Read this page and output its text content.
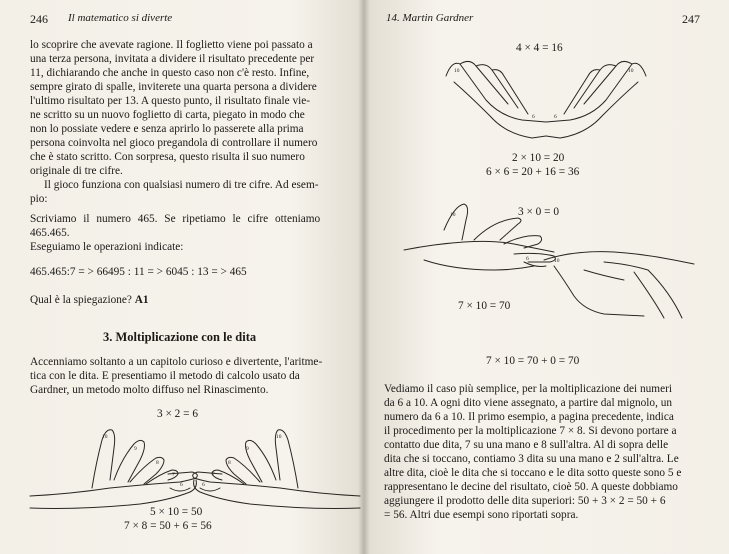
246 Il matematico si diverte
lo scoprire che avevate ragione. Il foglietto viene poi passato a
una terza persona, invitata a dividere il risultato precedente per
11, dichiarando che anche in questo caso non c'è resto. Infine,
sempre girato di spalle, inviterete una quarta persona a dividere
l'ultimo risultato per 13. A questo punto, il risultato finale vie-
ne scritto su un nuovo foglietto di carta, piegato in modo che
non lo possiate vedere e senza aprirlo lo passerete alla prima
persona coinvolta nel gioco pregandola di controllare il numero
che è stato scritto. Con sorpresa, questo risulta il suo numero
originale di tre cifre.
Il gioco funziona con qualsiasi numero di tre cifre. Ad esem-
pio:
Scriviamo il numero 465. Se ripetiamo le cifre otteniamo
465.465.
Eseguiamo le operazioni indicate:
465.465:7 = > 66495 : 11 = > 6045 : 13 = > 465
Qual è la spiegazione? A1
3. Moltiplicazione con le dita
Accenniamo soltanto a un capitolo curioso e divertente, l'aritme-
tica con le dita. E presentiamo il metodo di calcolo usato da
Gardner, un metodo molto diffuso nel Rinascimento.
3 × 2 = 6
10
9
8
7
6
10
9
8
7
6
5 × 10 = 50
7 × 8 = 50 + 6 = 56
14. Martin Gardner	247
4 × 4 = 16
10
6	6
10
2 × 10 = 20
6 × 6 = 20 + 16 = 36
3 × 0 = 0
10
6	10
7 × 10 = 70
7 × 10 = 70 + 0 = 70
Vediamo il caso più semplice, per la moltiplicazione dei numeri
da 6 a 10. A ogni dito viene assegnato, a partire dal mignolo, un
numero da 6 a 10. Il primo esempio, a pagina precedente, indica
il procedimento per la moltiplicazione 7 × 8. Si devono portare a
contatto due dita, 7 su una mano e 8 sull'altra. Al di sopra delle
dita che si toccano, contiamo 3 dita su una mano e 2 sull'altra. Le
altre dita, cioè le dita che si toccano e le dita sotto queste sono 5 e
rappresentano le decine del risultato, cioè 50. A queste dobbiamo
aggiungere il prodotto delle dita superiori: 50 + 3 × 2 = 50 + 6
= 56. Altri due esempi sono riportati sopra.
